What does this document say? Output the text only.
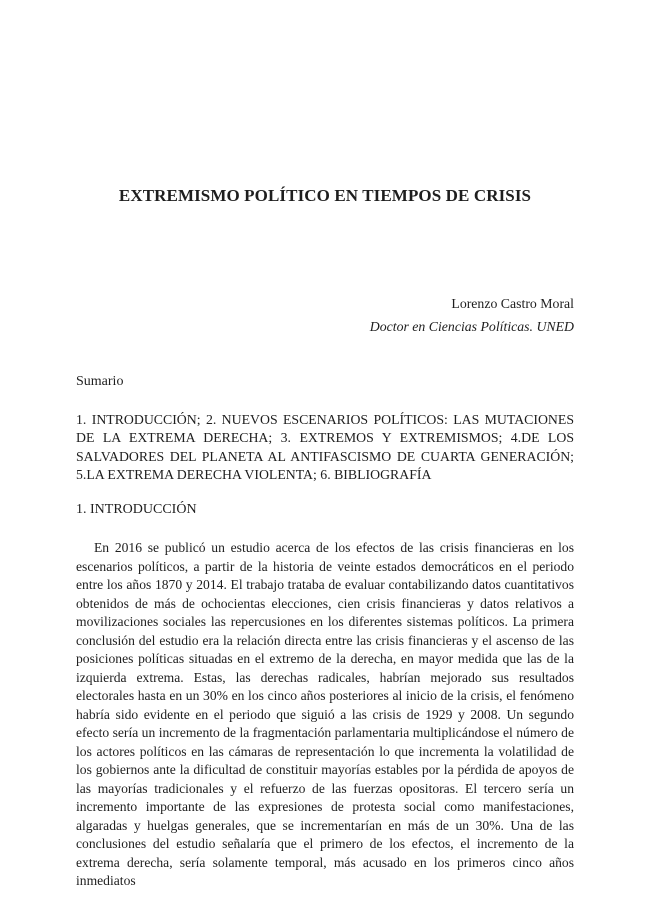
EXTREMISMO POLÍTICO EN TIEMPOS DE CRISIS
Lorenzo Castro Moral
Doctor en Ciencias Políticas. UNED
Sumario

1. INTRODUCCIÓN; 2. NUEVOS ESCENARIOS POLÍTICOS: LAS MUTACIONES DE LA EXTREMA DERECHA; 3. EXTREMOS Y EXTREMISMOS; 4.DE LOS SALVADORES DEL PLANETA AL ANTIFASCISMO DE CUARTA GENERACIÓN; 5.LA EXTREMA DERECHA VIOLENTA; 6. BIBLIOGRAFÍA

1. INTRODUCCIÓN

En 2016 se publicó un estudio acerca de los efectos de las crisis financieras en los escenarios políticos, a partir de la historia de veinte estados democráticos en el periodo entre los años 1870 y 2014. El trabajo trataba de evaluar contabilizando datos cuantitativos obtenidos de más de ochocientas elecciones, cien crisis financieras y datos relativos a movilizaciones sociales las repercusiones en los diferentes sistemas políticos. La primera conclusión del estudio era la relación directa entre las crisis financieras y el ascenso de las posiciones políticas situadas en el extremo de la derecha, en mayor medida que las de la izquierda extrema. Estas, las derechas radicales, habrían mejorado sus resultados electorales hasta en un 30% en los cinco años posteriores al inicio de la crisis, el fenómeno habría sido evidente en el periodo que siguió a las crisis de 1929 y 2008. Un segundo efecto sería un incremento de la fragmentación parlamentaria multiplicándose el número de los actores políticos en las cámaras de representación lo que incrementa la volatilidad de los gobiernos ante la dificultad de constituir mayorías estables por la pérdida de apoyos de las mayorías tradicionales y el refuerzo de las fuerzas opositoras. El tercero sería un incremento importante de las expresiones de protesta social como manifestaciones, algaradas y huelgas generales, que se incrementarían en más de un 30%. Una de las conclusiones del estudio señalaría que el primero de los efectos, el incremento de la extrema derecha, sería solamente temporal, más acusado en los primeros cinco años inmediatos
